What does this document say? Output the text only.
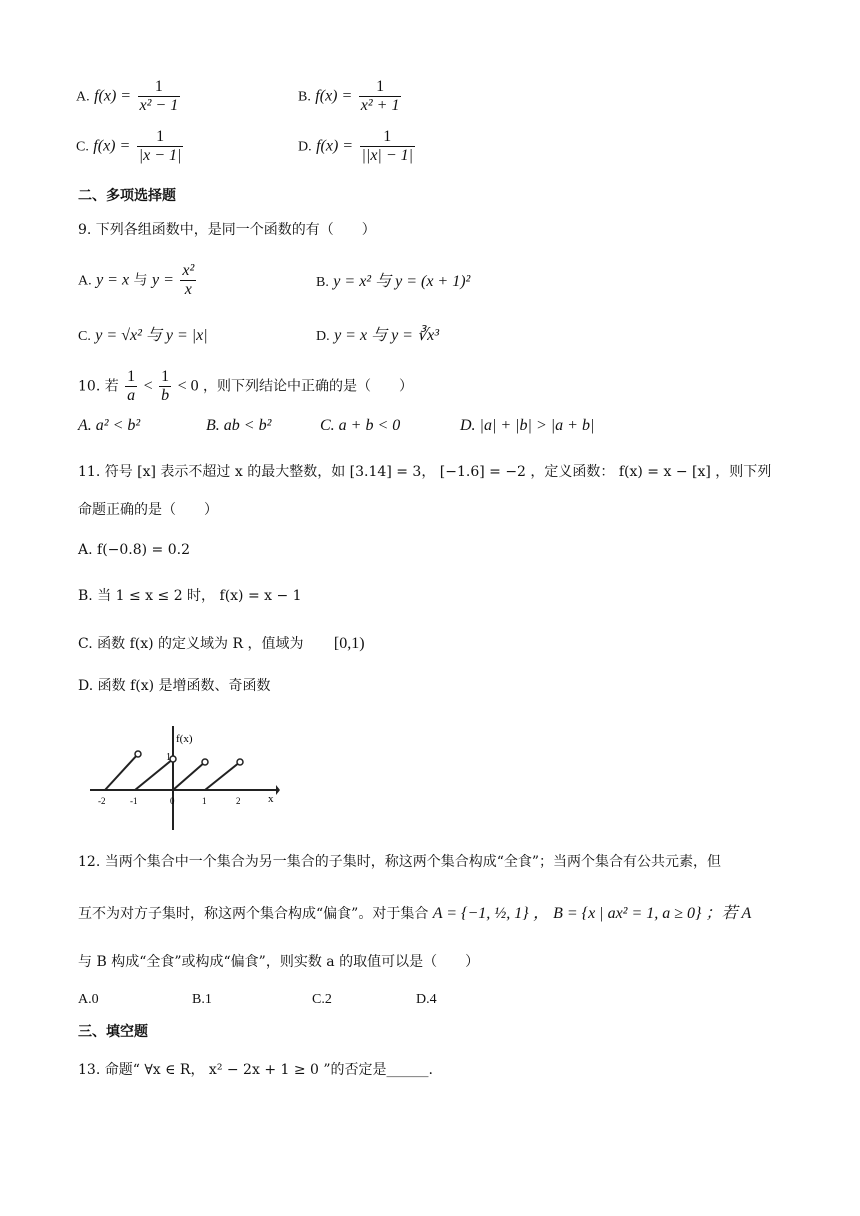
A. $f(x) = \frac{1}{\text{x² − 1}}$	B. $f(x) = \frac{1}{\text{x² + 1}}$
C. $f(x) = \frac{1}{|x - 1|}$	D. $f(x) = \frac{1}{||x| - 1|}$
二、多项选择题
9. 下列各组函数中，是同一个函数的有（　　）
A. y = x 与 $y = \frac{\text{x²}}{x}$	B. y = x² 与 y = (x + 1)²
C. y = √x² 与 y = |x|	D. y = x 与 y = ∛x³
10. 若 $\frac{1}{a} < \frac{1}{b} < 0$ ，则下列结论中正确的是（　　）
A. a² < b²	B. ab < b²	C. a + b < 0	D. |a| + |b| > |a + b|
11. 符号 [x] 表示不超过 x 的最大整数，如 [3.14] = 3， [−1.6] = −2 ，定义函数： f(x) = x − [x] ，则下列
命题正确的是（　　）
A. f(−0.8) = 0.2
B. 当 1 ≤ x ≤ 2 时， f(x) = x − 1
C. 函数 f(x) 的定义域为 R ，值域为 [0,1)
D. 函数 f(x) 是增函数、奇函数
f(x)
x
1
-2	-1	0	1	2
12. 当两个集合中一个集合为另一集合的子集时，称这两个集合构成“全食”；当两个集合有公共元素，但
互不为对方子集时，称这两个集合构成“偏食”。对于集合 A = {−1, ½, 1} ， B = {x | ax² = 1, a ≥ 0} ；若 A
与 B 构成“全食”或构成“偏食”，则实数 a 的取值可以是（　　）
A.0	B.1	C.2	D.4
三、填空题
13. 命题“ ∀x ∈ R， x² − 2x + 1 ≥ 0 ”的否定是______.
